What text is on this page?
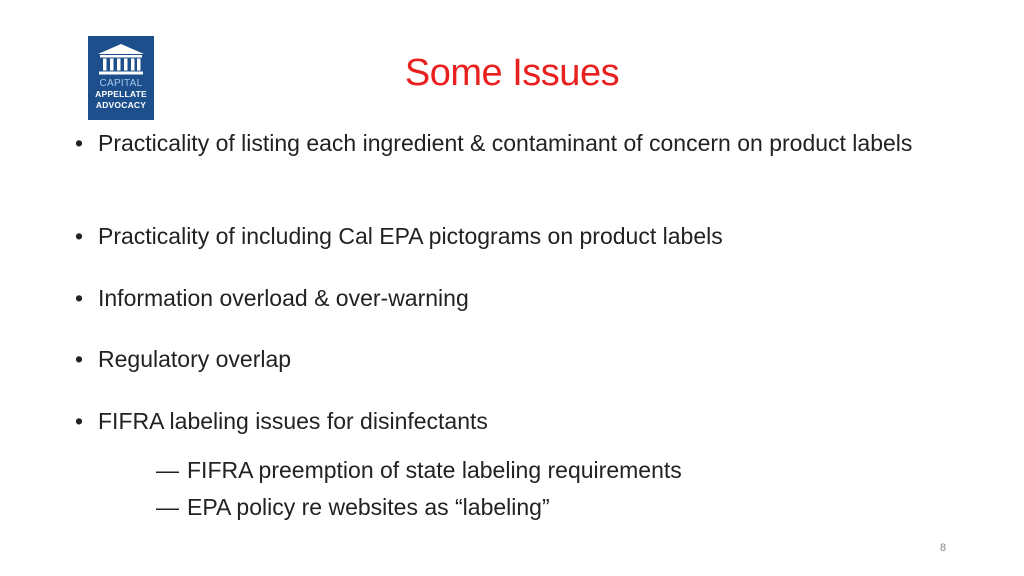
CAPITAL
APPELLATE
ADVOCACY
Some Issues
• Practicality of listing each ingredient & contaminant of concern on product labels
• Practicality of including Cal EPA pictograms on product labels
• Information overload & over-warning
• Regulatory overlap
• FIFRA labeling issues for disinfectants
— FIFRA preemption of state labeling requirements
— EPA policy re websites as “labeling”
8
